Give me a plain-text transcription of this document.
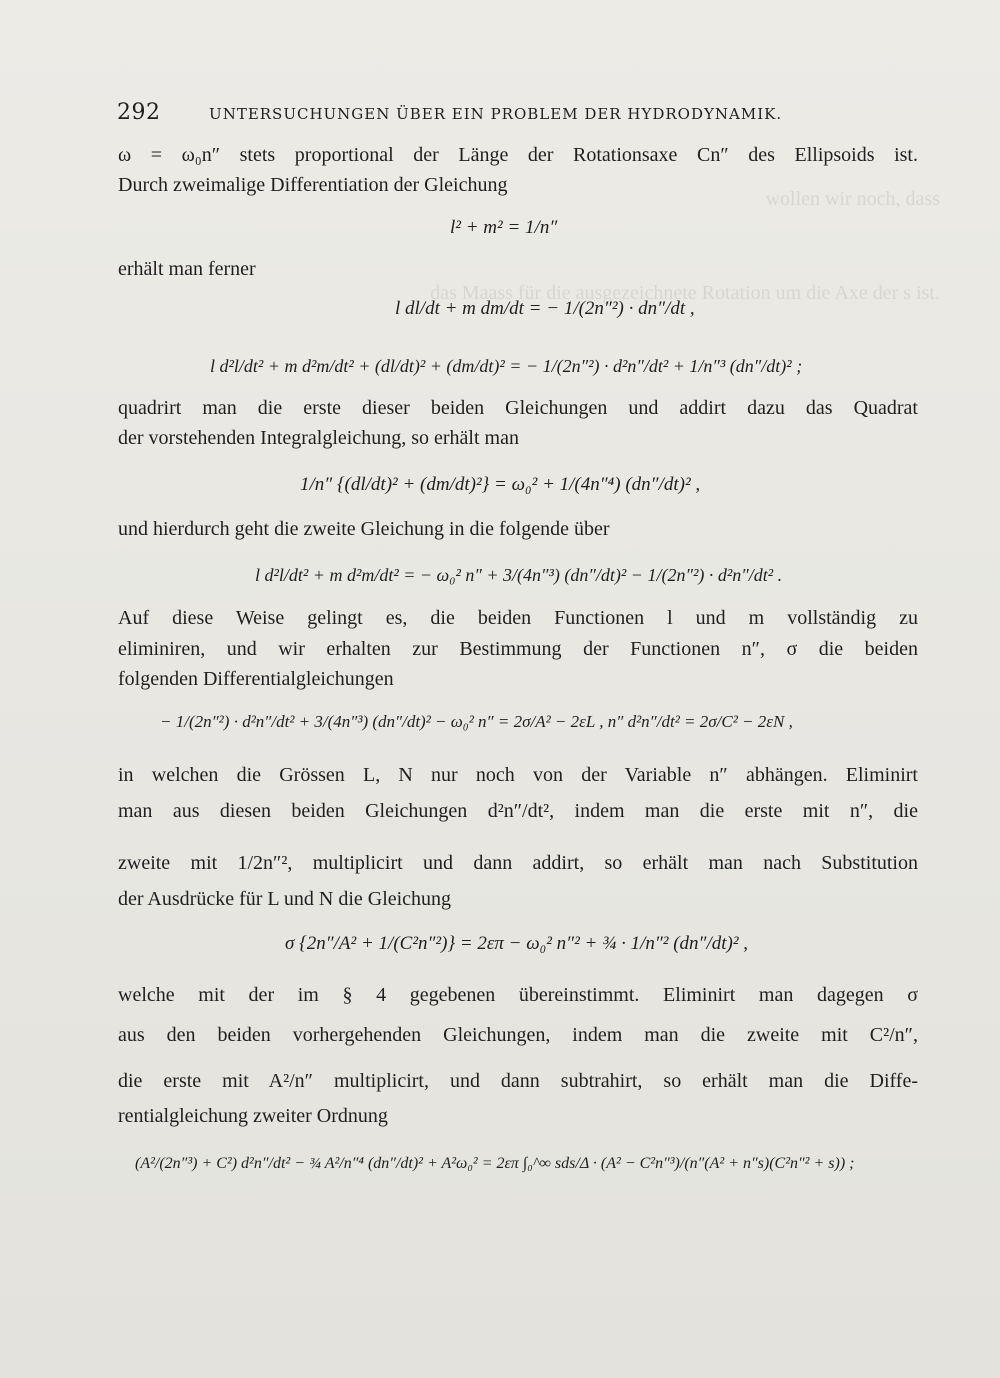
wollen wir noch, dass
das Maass für die ausgezeichnete Rotation um die Axe der s ist.
292	UNTERSUCHUNGEN ÜBER EIN PROBLEM DER HYDRODYNAMIK.
ω = ω₀n″ stets proportional der Länge der Rotationsaxe Cn″ des Ellipsoids ist.
Durch zweimalige Differentiation der Gleichung
l² + m² = 1/n″
erhält man ferner
l dl/dt + m dm/dt = − 1/(2n″²) · dn″/dt ,
l d²l/dt² + m d²m/dt² + (dl/dt)² + (dm/dt)² = − 1/(2n″²) · d²n″/dt² + 1/n″³ (dn″/dt)² ;
quadrirt man die erste dieser beiden Gleichungen und addirt dazu das Quadrat
der vorstehenden Integralgleichung, so erhält man
1/n″ {(dl/dt)² + (dm/dt)²} = ω₀² + 1/(4n″⁴) (dn″/dt)² ,
und hierdurch geht die zweite Gleichung in die folgende über
l d²l/dt² + m d²m/dt² = − ω₀² n″ + 3/(4n″³) (dn″/dt)² − 1/(2n″²) · d²n″/dt² .
Auf diese Weise gelingt es, die beiden Functionen l und m vollständig zu
eliminiren, und wir erhalten zur Bestimmung der Functionen n″, σ die beiden
folgenden Differentialgleichungen
− 1/(2n″²) · d²n″/dt² + 3/(4n″³) (dn″/dt)² − ω₀² n″ = 2σ/A² − 2εL , n″ d²n″/dt² = 2σ/C² − 2εN ,
in welchen die Grössen L, N nur noch von der Variable n″ abhängen. Eliminirt
man aus diesen beiden Gleichungen d²n″/dt², indem man die erste mit n″, die
zweite mit 1/2n″², multiplicirt und dann addirt, so erhält man nach Substitution
der Ausdrücke für L und N die Gleichung
σ {2n″/A² + 1/(C²n″²)} = 2επ − ω₀² n″² + ¾ · 1/n″² (dn″/dt)² ,
welche mit der im § 4 gegebenen übereinstimmt. Eliminirt man dagegen σ
aus den beiden vorhergehenden Gleichungen, indem man die zweite mit C²/n″,
die erste mit A²/n″ multiplicirt, und dann subtrahirt, so erhält man die Diffe-
rentialgleichung zweiter Ordnung
(A²/(2n″³) + C²) d²n″/dt² − ¾ A²/n″⁴ (dn″/dt)² + A²ω₀² = 2επ ∫₀^∞ sds/Δ · (A² − C²n″³)/(n″(A² + n″s)(C²n″² + s)) ;
